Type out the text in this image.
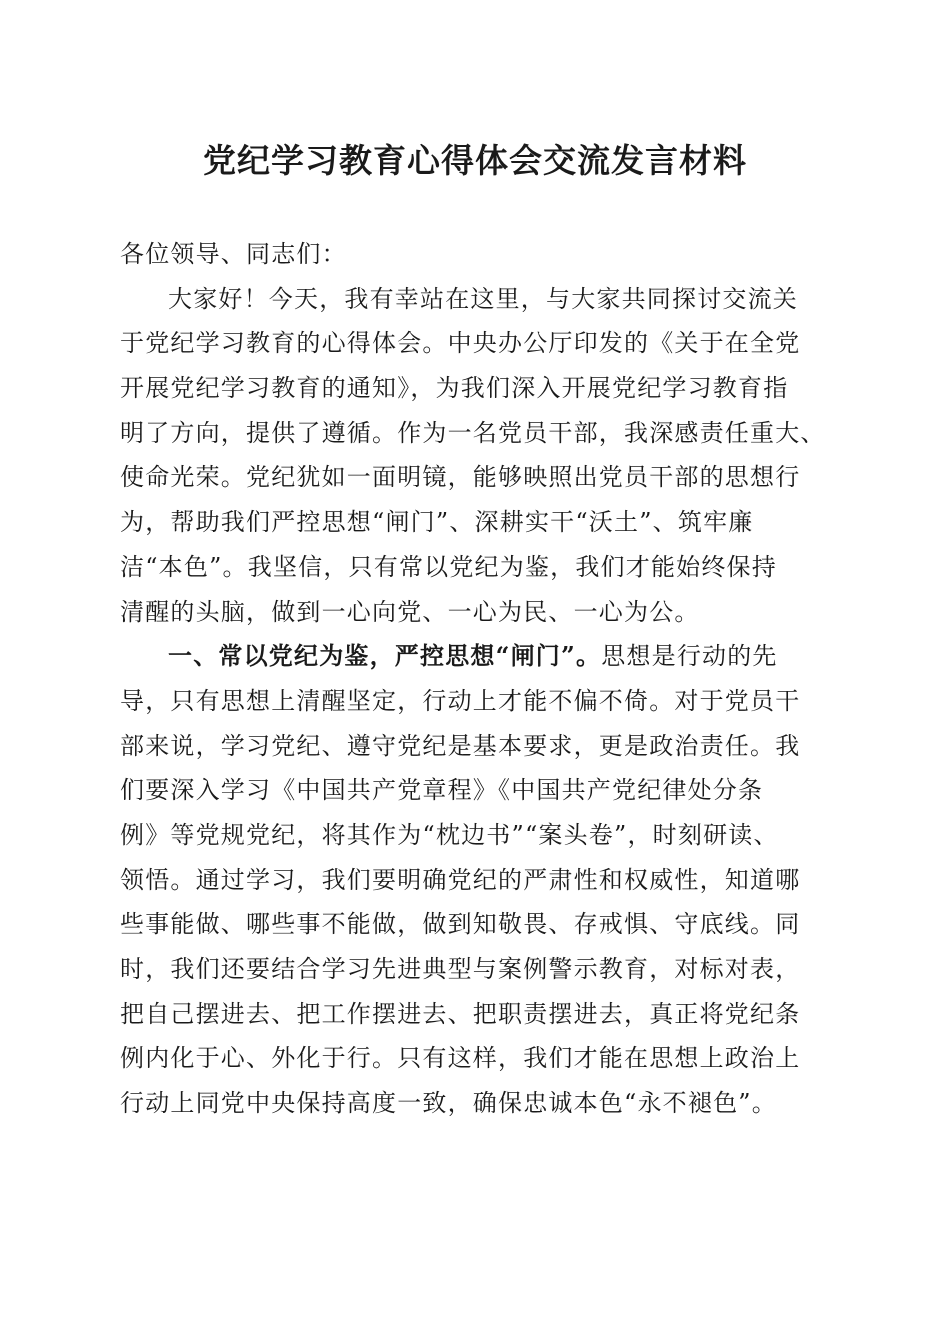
党纪学习教育心得体会交流发言材料
各位领导、同志们：
大家好！今天，我有幸站在这里，与大家共同探讨交流关
于党纪学习教育的心得体会。中央办公厅印发的《关于在全党
开展党纪学习教育的通知》，为我们深入开展党纪学习教育指
明了方向，提供了遵循。作为一名党员干部，我深感责任重大、
使命光荣。党纪犹如一面明镜，能够映照出党员干部的思想行
为，帮助我们严控思想“闸门”、深耕实干“沃土”、筑牢廉
洁“本色”。我坚信，只有常以党纪为鉴，我们才能始终保持
清醒的头脑，做到一心向党、一心为民、一心为公。
一、常以党纪为鉴，严控思想“闸门”。思想是行动的先
导，只有思想上清醒坚定，行动上才能不偏不倚。对于党员干
部来说，学习党纪、遵守党纪是基本要求，更是政治责任。我
们要深入学习《中国共产党章程》《中国共产党纪律处分条
例》等党规党纪，将其作为“枕边书”“案头卷”，时刻研读、
领悟。通过学习，我们要明确党纪的严肃性和权威性，知道哪
些事能做、哪些事不能做，做到知敬畏、存戒惧、守底线。同
时，我们还要结合学习先进典型与案例警示教育，对标对表，
把自己摆进去、把工作摆进去、把职责摆进去，真正将党纪条
例内化于心、外化于行。只有这样，我们才能在思想上政治上
行动上同党中央保持高度一致，确保忠诚本色“永不褪色”。
